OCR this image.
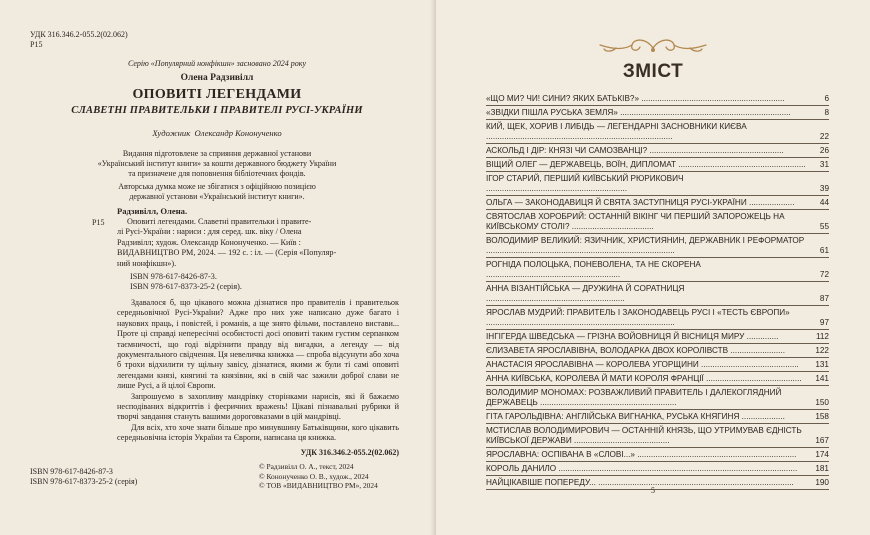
УДК 316.346.2-055.2(02.062)
Р15
Серію «Популярний нонфікшн» засновано 2024 року
Олена Радзивілл
ОПОВИТІ ЛЕГЕНДАМИ
СЛАВЕТНІ ПРАВИТЕЛЬКИ І ПРАВИТЕЛІ РУСІ-УКРАЇНИ
Художник Олександр Кононученко
Видання підготовлене за сприяння державної установи
«Український інститут книги» за кошти державного бюджету України
та призначене для поповнення бібліотечних фондів.
Авторська думка може не збігатися з офіційною позицією
державної установи «Український інститут книги».
Радзивілл, Олена.
Р15	Оповиті легендами. Славетні правительки і правите-
лі Русі-України : нариси : для серед. шк. віку / Олена
Радзивілл; худож. Олександр Кононученко. — Київ :
ВИДАВНИЦТВО РМ, 2024. — 192 с. : іл. — (Серія «Популяр-
ний нонфікшн»).
ISBN 978-617-8426-87-3.
ISBN 978-617-8373-25-2 (серія).

Здавалося б, що цікавого можна дізнатися про правителів і правительок середньовічної Русі-України? Адже про них уже написано дуже багато і наукових праць, і повістей, і романів, а ще знято фільми, поставлено вистави... Проте ці справді непересічні особистості досі оповиті таким густим серпанком таємничості, що годі відрізнити правду від вигадки, а легенду — від документального свідчення. Ця невеличка книжка — спроба відсунути або хоча б трохи відхилити ту щільну завісу, дізнатися, якими ж були ті самі оповиті легендами князі, княгині та князівни, які в свій час зажили доброї слави не лише Русі, а й цілої Європи.

Запрошуємо в захопливу мандрівку сторінками нарисів, які й бажаємо несподіваних відкриттів і феєричних вражень! Цікаві пізнавальні рубрики й творчі завдання стануть вашими дороговказами в цій мандрівці.

Для всіх, хто хоче знати більше про минувшину Батьківщини, кого цікавить середньовічна історія України та Європи, написана ця книжка.

УДК 316.346.2-055.2(02.062)
ISBN 978-617-8426-87-3
ISBN 978-617-8373-25-2 (серія)
© Радзивілл О. А., текст, 2024
© Кононученко О. В., худож., 2024
© ТОВ «ВИДАВНИЦТВО РМ», 2024
ЗМІСТ
«ЩО МИ? ЧИ! СИНИ? ЯКИХ БАТЬКІВ?» ...............................................................	6
«ЗВІДКИ ПІШЛА РУСЬКА ЗЕМЛЯ» ...........................................................................	8
КИЙ, ЩЕК, ХОРИВ І ЛИБІДЬ — ЛЕГЕНДАРНІ ЗАСНОВНИКИ КИЄВА ..................................................................................	22
АСКОЛЬД І ДІР: КНЯЗІ ЧИ САМОЗВАНЦІ? ...........................................................	26
ВІЩИЙ ОЛЕГ — ДЕРЖАВЕЦЬ, ВОЇН, ДИПЛОМАТ ........................................................ 31
ІГОР СТАРИЙ, ПЕРШИЙ КИЇВСЬКИЙ РЮРИКОВИЧ ..............................................................	39
ОЛЬГА — ЗАКОНОДАВИЦЯ Й СВЯТА ЗАСТУПНИЦЯ РУСІ-УКРАЇНИ ....................	44
СВЯТОСЛАВ ХОРОБРИЙ: ОСТАННІЙ ВІКІНГ ЧИ ПЕРШИЙ ЗАПОРОЖЕЦЬ НА КИЇВСЬКОМУ СТОЛІ? ....................................	55
ВОЛОДИМИР ВЕЛИКИЙ: ЯЗИЧНИК, ХРИСТИЯНИН, ДЕРЖАВНИК І РЕФОРМАТОР ...................................................................................	61
РОГНІДА ПОЛОЦЬКА, ПОНЕВОЛЕНА, ТА НЕ СКОРЕНА ...........................................................	72
АННА ВІЗАНТІЙСЬКА — ДРУЖИНА Й СОРАТНИЦЯ .............................................................	87
ЯРОСЛАВ МУДРИЙ: ПРАВИТЕЛЬ І ЗАКОНОДАВЕЦЬ РУСІ І «ТЕСТЬ ЄВРОПИ» ...................................................................................	97
ІНГІГЕРДА ШВЕДСЬКА — ГРІЗНА ВОЙОВНИЦЯ Й ВІСНИЦЯ МИРУ ..............	112
ЄЛИЗАВЕТА ЯРОСЛАВІВНА, ВОЛОДАРКА ДВОХ КОРОЛІВСТВ ........................	122
АНАСТАСІЯ ЯРОСЛАВІВНА — КОРОЛЕВА УГОРЩИНИ ........................................... 131
АННА КИЇВСЬКА, КОРОЛЕВА Й МАТИ КОРОЛЯ ФРАНЦІЇ .......................................... 141
ВОЛОДИМИР МОНОМАХ: РОЗВАЖЛИВИЙ ПРАВИТЕЛЬ І ДАЛЕКОГЛЯДНИЙ ДЕРЖАВЕЦЬ ............................................................	150
ГІТА ГАРОЛЬДІВНА: АНГЛІЙСЬКА ВИГНАНКА, РУСЬКА КНЯГИНЯ ...................	158
МСТИСЛАВ ВОЛОДИМИРОВИЧ — ОСТАННІЙ КНЯЗЬ, ЩО УТРИМУВАВ ЄДНІСТЬ КИЇВСЬКОЇ ДЕРЖАВИ ..........................................	167
ЯРОСЛАВНА: ОСПІВАНА В «СЛОВІ...» ...................................................................... 174
КОРОЛЬ ДАНИЛО ......................................................................................................... 181
НАЙЦІКАВІШЕ ПОПЕРЕДУ... ......................................................................................	190
5
